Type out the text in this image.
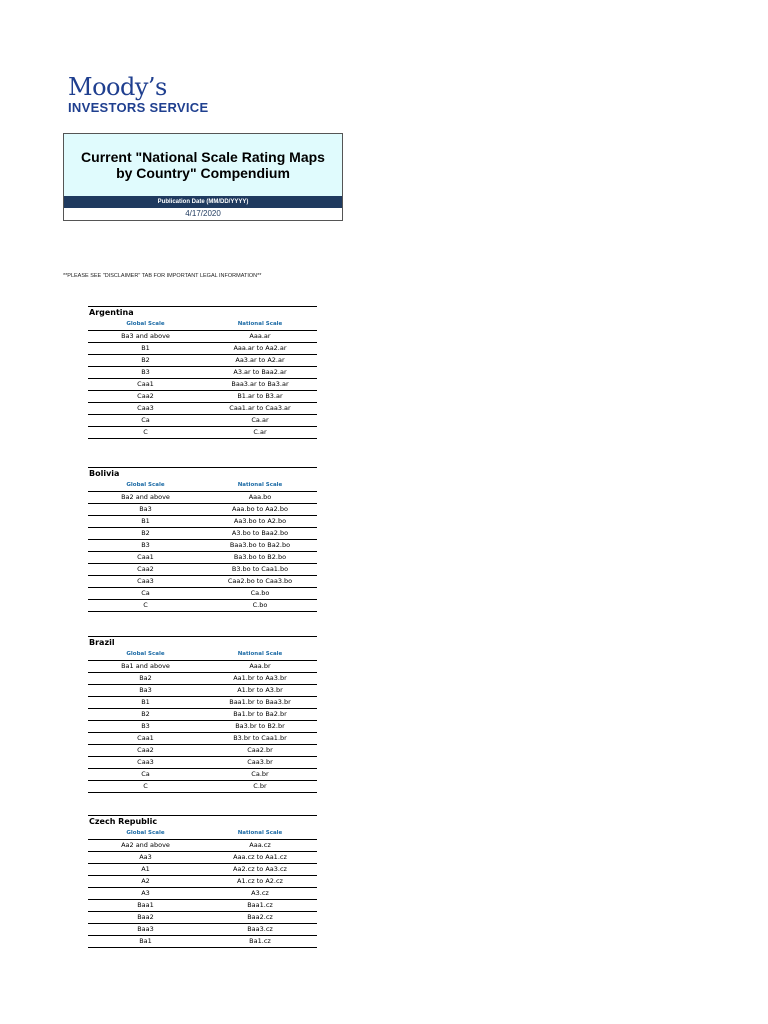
Moody’s
INVESTORS SERVICE
Current "National Scale Rating Maps by Country" Compendium
Publication Date (MM/DD/YYYY)
4/17/2020
**PLEASE SEE "DISCLAIMER" TAB FOR IMPORTANT LEGAL INFORMATION**
Argentina
Global Scale	National Scale
Ba3 and above	Aaa.ar
B1	Aaa.ar to Aa2.ar
B2	Aa3.ar to A2.ar
B3	A3.ar to Baa2.ar
Caa1	Baa3.ar to Ba3.ar
Caa2	B1.ar to B3.ar
Caa3	Caa1.ar to Caa3.ar
Ca	Ca.ar
C	C.ar
Bolivia
Global Scale	National Scale
Ba2 and above	Aaa.bo
Ba3	Aaa.bo to Aa2.bo
B1	Aa3.bo to A2.bo
B2	A3.bo to Baa2.bo
B3	Baa3.bo to Ba2.bo
Caa1	Ba3.bo to B2.bo
Caa2	B3.bo to Caa1.bo
Caa3	Caa2.bo to Caa3.bo
Ca	Ca.bo
C	C.bo
Brazil
Global Scale	National Scale
Ba1 and above	Aaa.br
Ba2	Aa1.br to Aa3.br
Ba3	A1.br to A3.br
B1	Baa1.br to Baa3.br
B2	Ba1.br to Ba2.br
B3	Ba3.br to B2.br
Caa1	B3.br to Caa1.br
Caa2	Caa2.br
Caa3	Caa3.br
Ca	Ca.br
C	C.br
Czech Republic
Global Scale	National Scale
Aa2 and above	Aaa.cz
Aa3	Aaa.cz to Aa1.cz
A1	Aa2.cz to Aa3.cz
A2	A1.cz to A2.cz
A3	A3.cz
Baa1	Baa1.cz
Baa2	Baa2.cz
Baa3	Baa3.cz
Ba1	Ba1.cz
